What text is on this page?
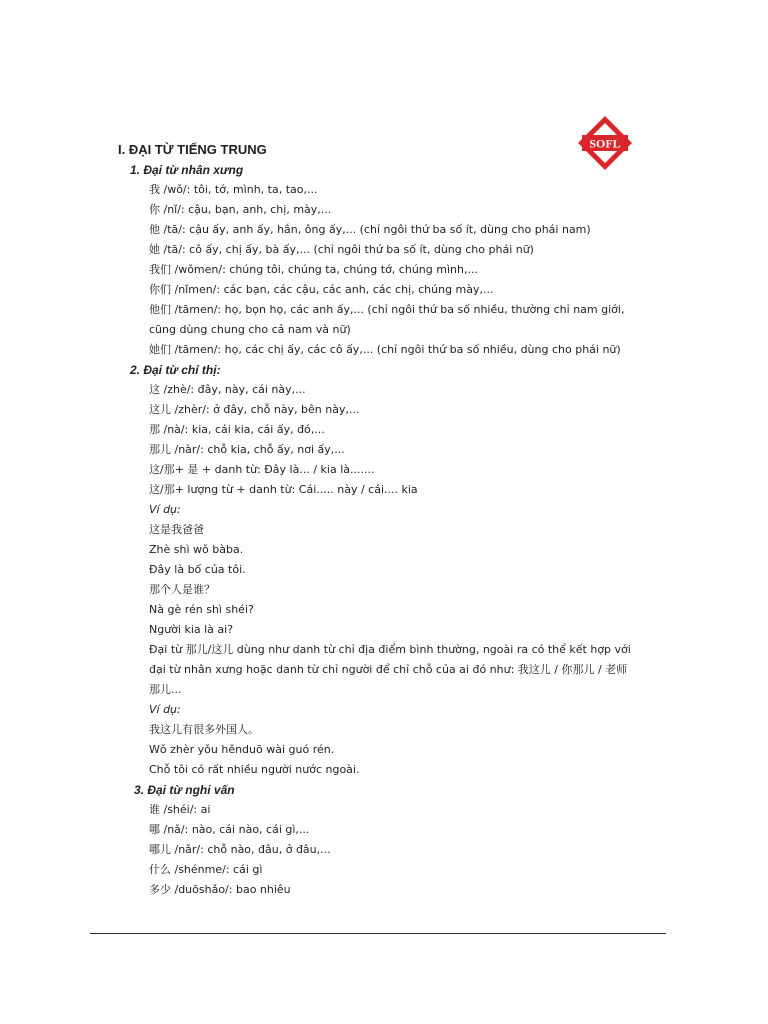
SOFL
I. ĐẠI TỪ TIẾNG TRUNG
1. Đại từ nhân xưng
我 /wǒ/: tôi, tớ, mình, ta, tao,...
你 /nǐ/: cậu, bạn, anh, chị, mày,...
他 /tā/: cậu ấy, anh ấy, hắn, ông ấy,... (chỉ ngôi thứ ba số ít, dùng cho phái nam)
她 /tā/: cô ấy, chị ấy, bà ấy,... (chỉ ngôi thứ ba số ít, dùng cho phái nữ)
我们 /wǒmen/: chúng tôi, chúng ta, chúng tớ, chúng mình,...
你们 /nǐmen/: các bạn, các cậu, các anh, các chị, chúng mày,...
他们 /tāmen/: họ, bọn họ, các anh ấy,... (chỉ ngôi thứ ba số nhiều, thường chỉ nam giới, cũng dùng chung cho cả nam và nữ)
她们 /tāmen/: họ, các chị ấy, các cô ấy,... (chỉ ngôi thứ ba số nhiều, dùng cho phái nữ)
2. Đại từ chỉ thị:
这 /zhè/: đây, này, cái này,...
这儿 /zhèr/: ở đây, chỗ này, bên này,...
那 /nà/: kia, cái kia, cái ấy, đó,...
那儿 /nàr/: chỗ kia, chỗ ấy, nơi ấy,...
这/那+ 是 + danh từ: Đây là... / kia là.......
这/那+ lượng từ + danh từ: Cái..... này / cái.... kia
Ví dụ:
这是我爸爸
Zhè shì wǒ bàba.
Đây là bố của tôi.
那个人是谁？
Nà gè rén shì shéi?
Người kia là ai?
Đại từ 那儿/这儿 dùng như danh từ chỉ địa điểm bình thường, ngoài ra có thể kết hợp với đại từ nhân xưng hoặc danh từ chỉ người để chỉ chỗ của ai đó như: 我这儿 / 你那儿 / 老师那儿...
Ví dụ:
我这儿有很多外国人。
Wǒ zhèr yǒu hěnduō wài guó rén.
Chỗ tôi có rất nhiều người nước ngoài.
3. Đại từ nghi vấn
谁 /shéi/: ai
哪 /nǎ/: nào, cái nào, cái gì,...
哪儿 /nǎr/: chỗ nào, đâu, ở đâu,...
什么 /shénme/: cái gì
多少 /duōshǎo/: bao nhiêu
